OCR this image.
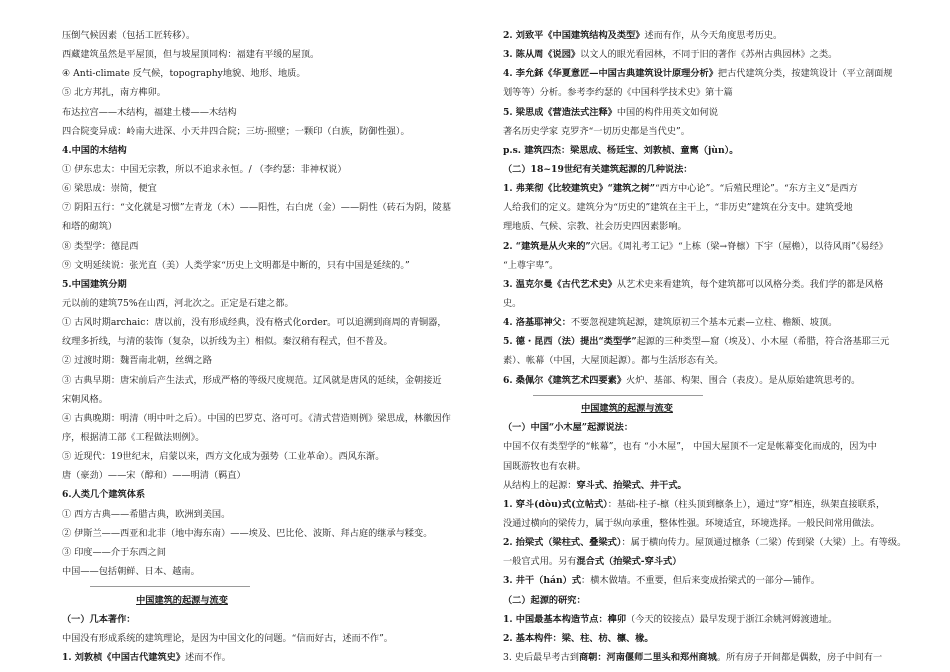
压倒气候因素（包括工匠转移）。
西藏建筑虽然是平屋顶，但与坡屋顶同构：福建有平缓的屋顶。
④ Anti-climate 反气候，topography地貌、地形、地质。
⑤ 北方邦扎，南方榫卯。
布达拉宫——木结构，福建土楼——木结构
四合院变异成：岭南大进深、小天井四合院；三坊-照壁；一颗印（白族，防御性强）。
4.中国的木结构
① 伊东忠太：中国无宗教，所以不追求永恒。/ （李约瑟：非神权说）
⑥ 梁思成：崇简，便宜
⑦ 阴阳五行：“文化就是习惯”左青龙（木）——阳性，右白虎（金）——阴性（砖石为阴，陵墓
和塔的砌筑）
⑧ 类型学：德昆西
⑨ 文明延续说：张光直（美）人类学家“历史上文明都是中断的，只有中国是延续的。”
5.中国建筑分期
元以前的建筑75%在山西，河北次之。正定是石建之都。
① 古风时期archaic：唐以前，没有形成经典，没有格式化order。可以追溯到商周的青铜器，
纹理多折线，与清的装饰（复杂，以折线为主）相似。秦汉稍有程式，但不普及。
② 过渡时期：魏晋南北朝，丝绸之路
③ 古典早期：唐宋前后产生法式，形成严格的等级尺度规范。辽风就是唐风的延续，金朝接近
宋朝风格。
④ 古典晚期：明清（明中叶之后）。中国的巴罗克、洛可可。《清式营造则例》梁思成，林徽因作
序，根据清工部《工程做法则例》。
⑤ 近现代：19世纪末，启蒙以来，西方文化成为强势（工业革命）。西风东渐。
唐（豪劲）——宋（醇和）——明清（羁直）
6.人类几个建筑体系
① 西方古典——希腊古典，欧洲到美国。
② 伊斯兰——西亚和北非（地中海东南）——埃及、巴比伦、波斯、拜占庭的继承与糅变。
③ 印度——介于东西之间
中国——包括朝鲜、日本、越南。
中国建筑的起源与流变
（一）几本著作：
中国没有形成系统的建筑理论，是因为中国文化的问题。“信而好古，述而不作”。
1. 刘敦桢《中国古代建筑史》述而不作。
2. 刘致平《中国建筑结构及类型》述而有作，从今天角度思考历史。
3. 陈从周《说园》以文人的眼光看园林，不同于旧的著作《苏州古典园林》之类。
4. 李允鉌《华夏意匠—中国古典建筑设计原理分析》把古代建筑分类，按建筑设计（平立剖面规
划等等）分析。参考李约瑟的《中国科学技术史》第十篇
5. 梁思成《营造法式注释》中国的构件用英文如何说
著名历史学家 克罗齐“一切历史都是当代史”。
p.s. 建筑四杰：梁思成、杨廷宝、刘敦桢、童寯（jùn）。
（二）18~19世纪有关建筑起源的几种说法：
1. 弗莱彻《比较建筑史》“建筑之树”“西方中心论”。“后殖民理论”。“东方主义”是西方
人给我们的定义。建筑分为“历史的”建筑在主干上，“非历史”建筑在分支中。建筑受地
理地质、气候、宗教、社会历史四因素影响。
2. “建筑是从火来的”穴居。《周礼考工记》“上栋（梁→脊檩）下宇（屋檐），以待风雨”《易经》
“上尊宇卑”。
3. 温克尔曼《古代艺术史》从艺术史来看建筑，每个建筑都可以风格分类。我们学的都是风格
史。
4. 洛基耶神父：不要忽视建筑起源，建筑原初三个基本元素—立柱、檐额、坡顶。
5. 德・昆西（法）提出“类型学”起源的三种类型—窟（埃及）、小木屋（希腊，符合洛基耶三元
素）、帐幕（中国，大屋顶起源）。都与生活形态有关。
6. 桑佩尔《建筑艺术四要素》火炉、基部、构架、围合（表皮）。是从原始建筑思考的。
中国建筑的起源与流变
（一）中国“小木屋”起源说法：
中国不仅有类型学的“帐幕”，也有 “小木屋”， 中国大屋顶不一定是帐幕变化而成的，因为中
国既游牧也有农耕。
从结构上的起源：穿斗式、抬梁式、井干式。
1. 穿斗(dòu)式(立帖式）：基础-柱子-檩（柱头顶到檩条上），通过“穿”相连，纵架直接联系，
没通过横向的梁传力，属于纵向承重，整体性强。环境适宜，环境选择。一般民间常用做法。
2. 抬梁式（梁柱式、叠梁式）：属于横向传力。屋顶通过檩条（二梁）传到梁（大梁）上。有等级。
一般官式用。另有混合式（抬梁式-穿斗式）
3. 井干（hán）式：横木做墙。不重要，但后来变成抬梁式的一部分—铺作。
（二）起源的研究：
1. 中国最基本构造节点：榫卯（今天的铰接点）最早发现于浙江余姚河姆渡遗址。
2. 基本构件：梁、柱、枋、檩、椽。
3. 史后最早考古到商朝：河南偃师二里头和郑州商城。所有房子开间都是偶数，房子中间有一
